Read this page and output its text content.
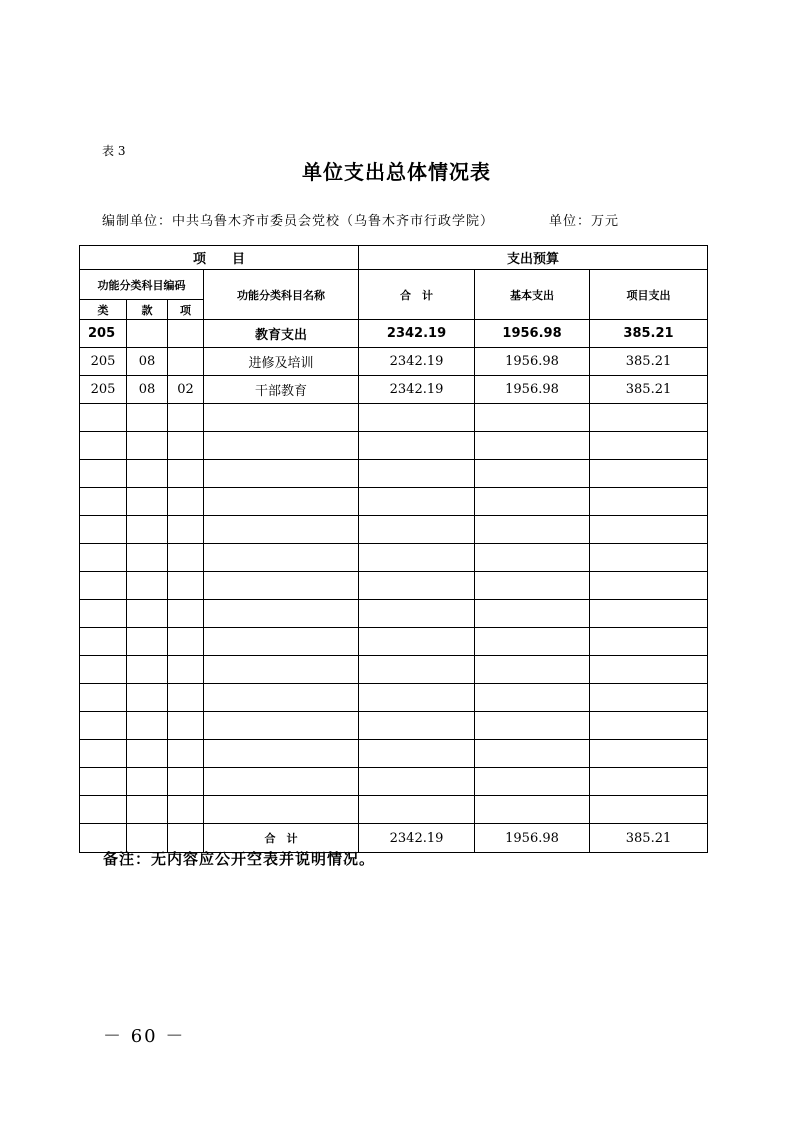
表 3
单位支出总体情况表
编制单位：中共乌鲁木齐市委员会党校（乌鲁木齐市行政学院）	单位：万元
项　　目				支出预算		
功能分类科目编码			功能分类科目名称	合　计	基本支出	项目支出
类	款	项				
205			教育支出	2342.19	1956.98	385.21
205	08		进修及培训	2342.19	1956.98	385.21
205	08	02	干部教育	2342.19	1956.98	385.21

			合　计	2342.19	1956.98	385.21
备注：无内容应公开空表并说明情况。
－ 60 －
